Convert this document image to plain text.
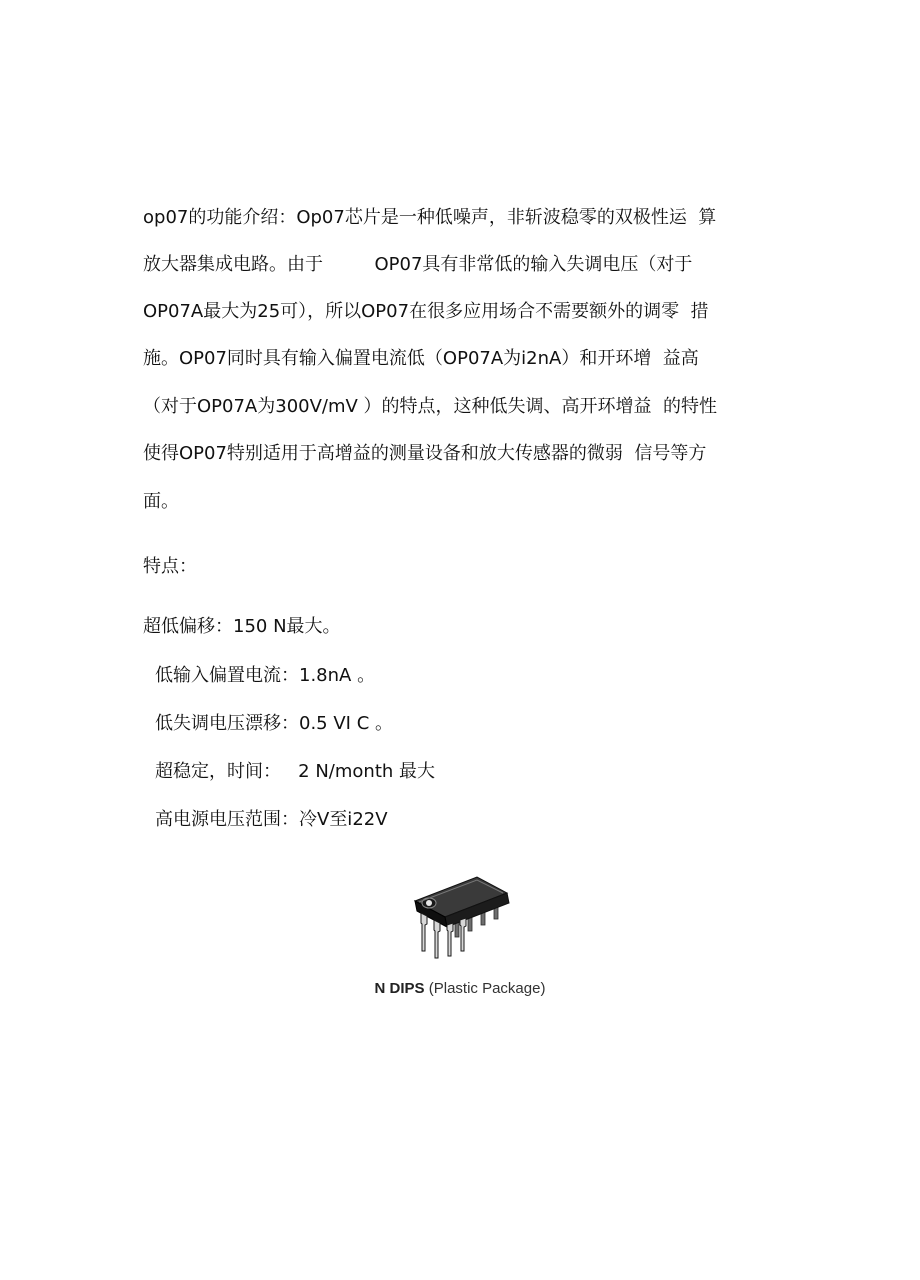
op07的功能介绍：Op07芯片是一种低噪声，非斩波稳零的双极性运  算
放大器集成电路。由于         OP07具有非常低的输入失调电压（对于
OP07A最大为25可），所以OP07在很多应用场合不需要额外的调零  措
施。OP07同时具有输入偏置电流低（OP07A为i2nA）和开环增  益高
（对于OP07A为300V/mV ）的特点，这种低失调、高开环增益  的特性
使得OP07特别适用于高增益的测量设备和放大传感器的微弱  信号等方
面。
特点：
超低偏移：150 N最大。
低输入偏置电流：1.8nA 。
低失调电压漂移：0.5 VI C 。
超稳定，时间：   2 N/month 最大
高电源电压范围：冷V至i22V
N DIPS (Plastic Package)
